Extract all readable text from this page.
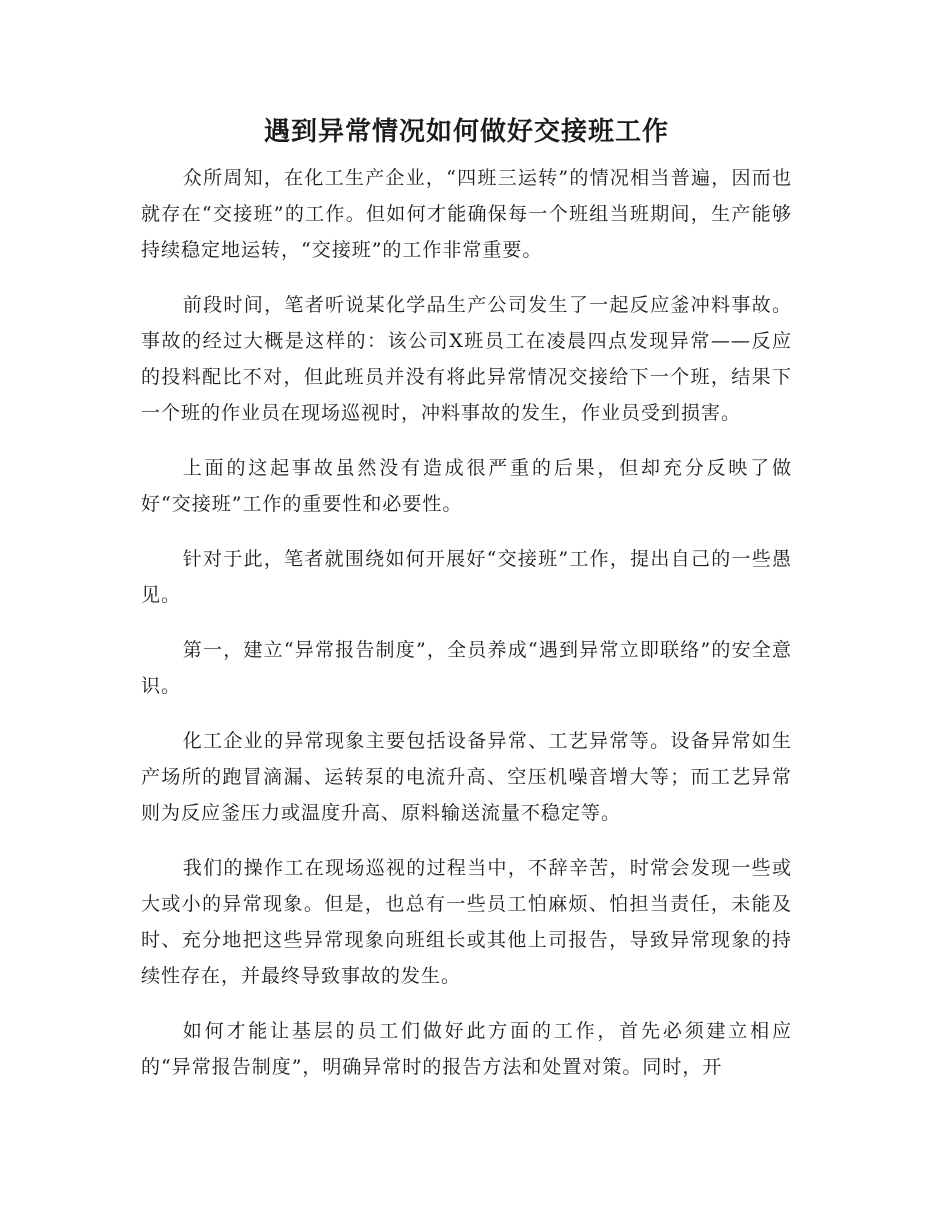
遇到异常情况如何做好交接班工作

众所周知，在化工生产企业，“四班三运转”的情况相当普遍，因而也就存在“交接班”的工作。但如何才能确保每一个班组当班期间，生产能够持续稳定地运转，“交接班”的工作非常重要。

前段时间，笔者听说某化学品生产公司发生了一起反应釜冲料事故。事故的经过大概是这样的：该公司X班员工在凌晨四点发现异常——反应的投料配比不对，但此班员并没有将此异常情况交接给下一个班，结果下一个班的作业员在现场巡视时，冲料事故的发生，作业员受到损害。

上面的这起事故虽然没有造成很严重的后果，但却充分反映了做好“交接班”工作的重要性和必要性。

针对于此，笔者就围绕如何开展好“交接班”工作，提出自己的一些愚见。

第一，建立“异常报告制度”，全员养成“遇到异常立即联络”的安全意识。

化工企业的异常现象主要包括设备异常、工艺异常等。设备异常如生产场所的跑冒滴漏、运转泵的电流升高、空压机噪音增大等；而工艺异常则为反应釜压力或温度升高、原料输送流量不稳定等。

我们的操作工在现场巡视的过程当中，不辞辛苦，时常会发现一些或大或小的异常现象。但是，也总有一些员工怕麻烦、怕担当责任，未能及时、充分地把这些异常现象向班组长或其他上司报告，导致异常现象的持续性存在，并最终导致事故的发生。

如何才能让基层的员工们做好此方面的工作，首先必须建立相应的“异常报告制度”，明确异常时的报告方法和处置对策。同时，开
